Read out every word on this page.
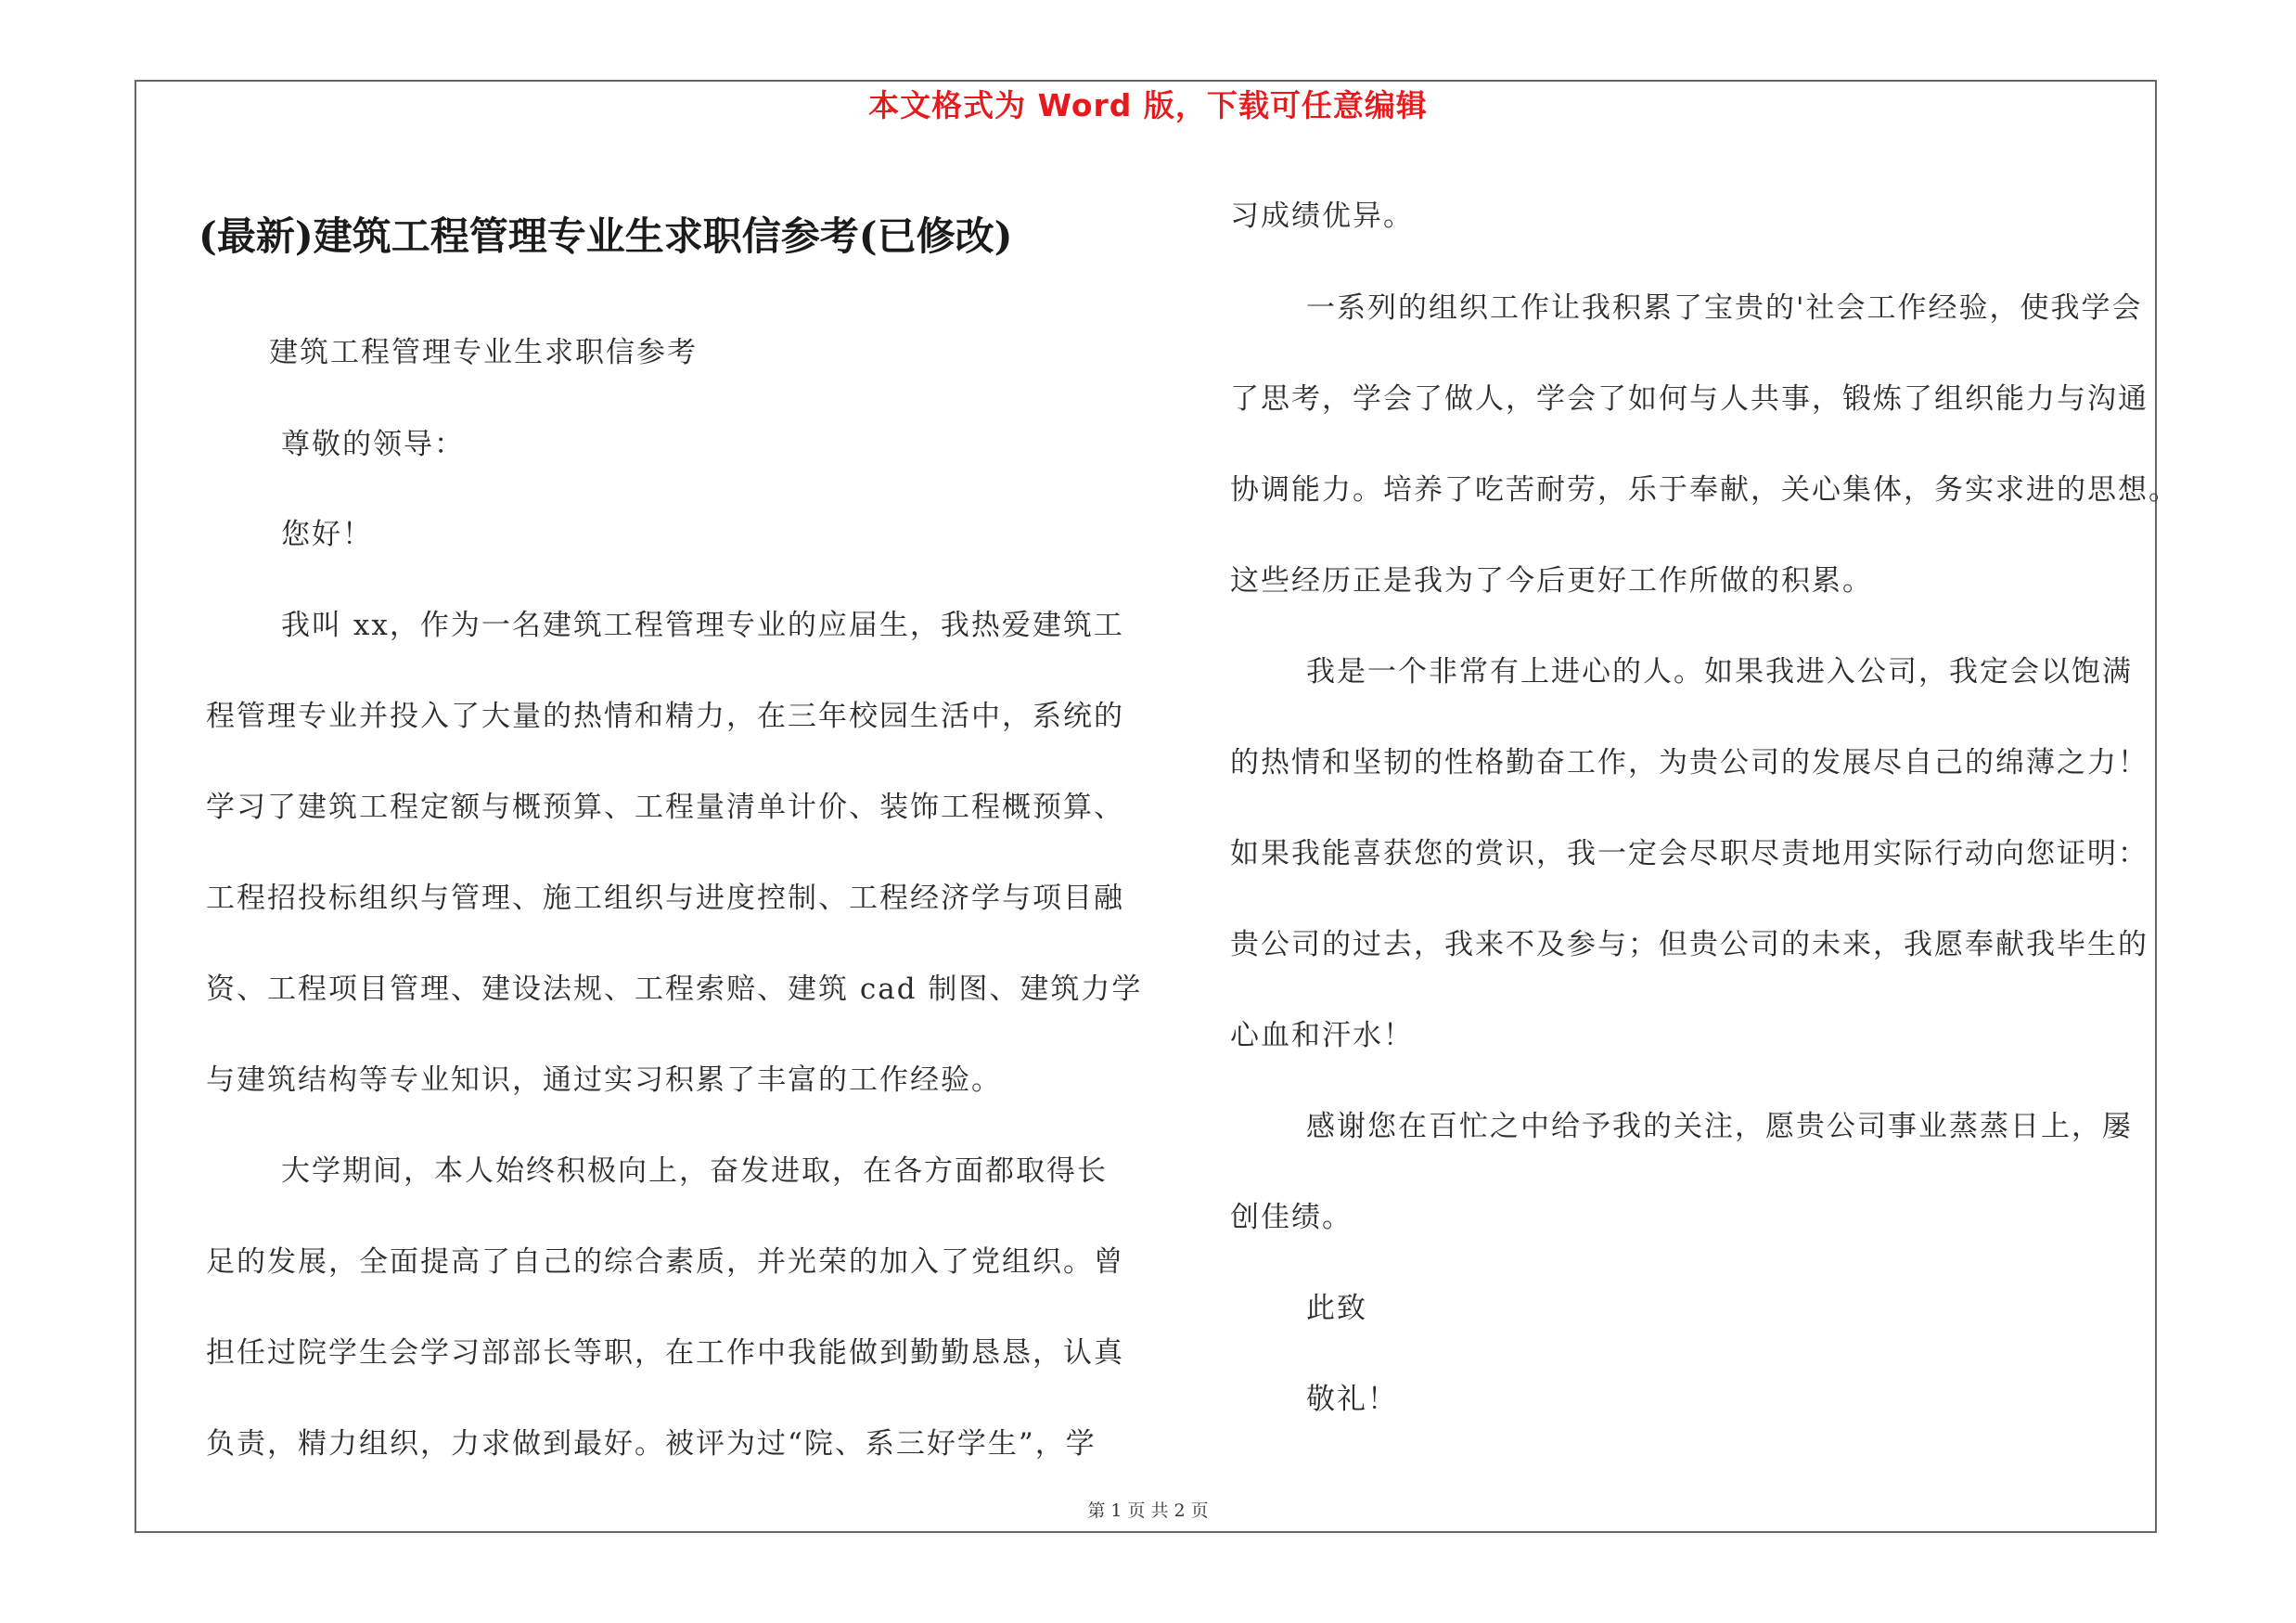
本文格式为 Word 版，下载可任意编辑
(最新)建筑工程管理专业生求职信参考(已修改)
建筑工程管理专业生求职信参考
尊敬的领导：
您好！
我叫 xx，作为一名建筑工程管理专业的应届生，我热爱建筑工
程管理专业并投入了大量的热情和精力，在三年校园生活中，系统的
学习了建筑工程定额与概预算、工程量清单计价、装饰工程概预算、
工程招投标组织与管理、施工组织与进度控制、工程经济学与项目融
资、工程项目管理、建设法规、工程索赔、建筑 cad 制图、建筑力学
与建筑结构等专业知识，通过实习积累了丰富的工作经验。
大学期间，本人始终积极向上，奋发进取，在各方面都取得长
足的发展，全面提高了自己的综合素质，并光荣的加入了党组织。曾
担任过院学生会学习部部长等职，在工作中我能做到勤勤恳恳，认真
负责，精力组织，力求做到最好。被评为过“院、系三好学生”，学
习成绩优异。
一系列的组织工作让我积累了宝贵的'社会工作经验，使我学会
了思考，学会了做人，学会了如何与人共事，锻炼了组织能力与沟通
协调能力。培养了吃苦耐劳，乐于奉献，关心集体，务实求进的思想。
这些经历正是我为了今后更好工作所做的积累。
我是一个非常有上进心的人。如果我进入公司，我定会以饱满
的热情和坚韧的性格勤奋工作，为贵公司的发展尽自己的绵薄之力！
如果我能喜获您的赏识，我一定会尽职尽责地用实际行动向您证明：
贵公司的过去，我来不及参与；但贵公司的未来，我愿奉献我毕生的
心血和汗水！
感谢您在百忙之中给予我的关注，愿贵公司事业蒸蒸日上，屡
创佳绩。
此致
敬礼！
第 1 页 共 2 页
